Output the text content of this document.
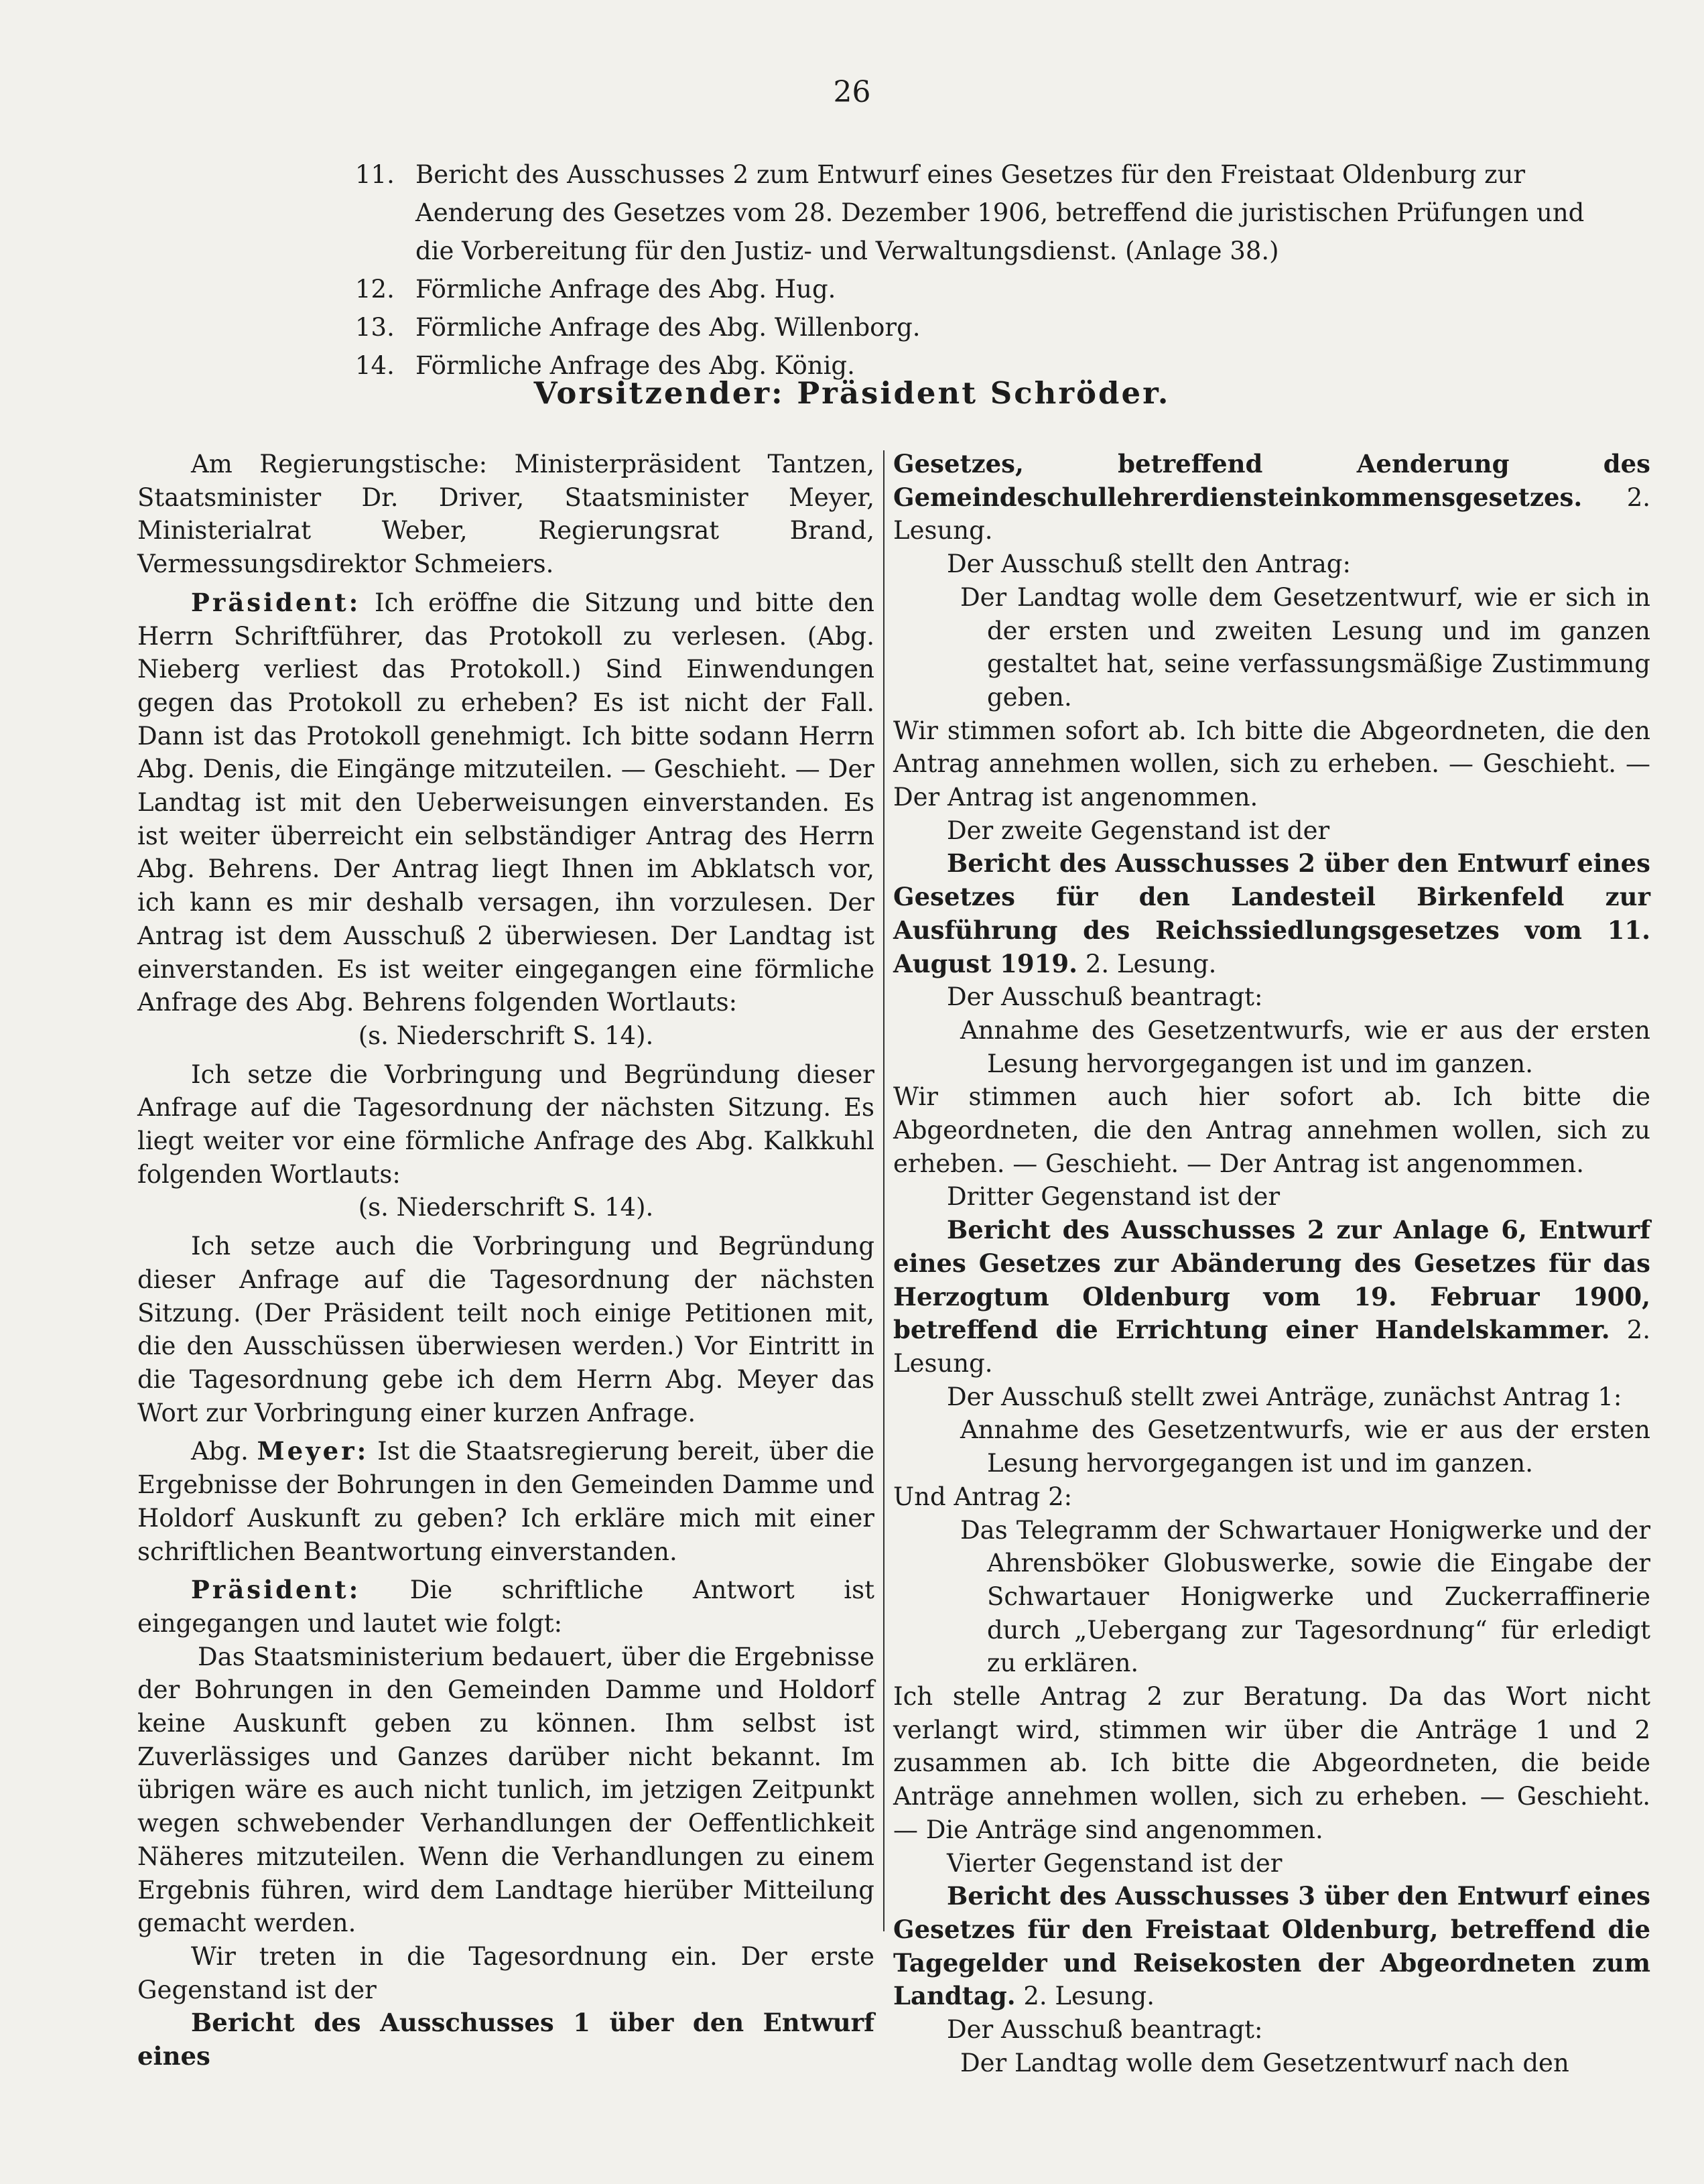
26
11. Bericht des Ausschusses 2 zum Entwurf eines Gesetzes für den Freistaat Oldenburg zur Aenderung des Gesetzes vom 28. Dezember 1906, betreffend die juristischen Prüfungen und die Vorbereitung für den Justiz- und Verwaltungsdienst. (Anlage 38.)
12. Förmliche Anfrage des Abg. Hug.
13. Förmliche Anfrage des Abg. Willenborg.
14. Förmliche Anfrage des Abg. König.
Vorsitzender: Präsident Schröder.

Am Regierungstische: Ministerpräsident Tantzen, Staatsminister Dr. Driver, Staatsminister Meyer, Ministerialrat Weber, Regierungsrat Brand, Vermessungsdirektor Schmeiers.

Präsident: Ich eröffne die Sitzung und bitte den Herrn Schriftführer, das Protokoll zu verlesen. (Abg. Nieberg verliest das Protokoll.) Sind Einwendungen gegen das Protokoll zu erheben? Es ist nicht der Fall. Dann ist das Protokoll genehmigt. Ich bitte sodann Herrn Abg. Denis, die Eingänge mitzuteilen. — Geschieht. — Der Landtag ist mit den Ueberweisungen einverstanden. Es ist weiter überreicht ein selbständiger Antrag des Herrn Abg. Behrens. Der Antrag liegt Ihnen im Abklatsch vor, ich kann es mir deshalb versagen, ihn vorzulesen. Der Antrag ist dem Ausschuß 2 überwiesen. Der Landtag ist einverstanden. Es ist weiter eingegangen eine förmliche Anfrage des Abg. Behrens folgenden Wortlauts:

(s. Niederschrift S. 14).

Ich setze die Vorbringung und Begründung dieser Anfrage auf die Tagesordnung der nächsten Sitzung. Es liegt weiter vor eine förmliche Anfrage des Abg. Kalkkuhl folgenden Wortlauts:

(s. Niederschrift S. 14).

Ich setze auch die Vorbringung und Begründung dieser Anfrage auf die Tagesordnung der nächsten Sitzung. (Der Präsident teilt noch einige Petitionen mit, die den Ausschüssen überwiesen werden.) Vor Eintritt in die Tagesordnung gebe ich dem Herrn Abg. Meyer das Wort zur Vorbringung einer kurzen Anfrage.

Abg. Meyer: Ist die Staatsregierung bereit, über die Ergebnisse der Bohrungen in den Gemeinden Damme und Holdorf Auskunft zu geben? Ich erkläre mich mit einer schriftlichen Beantwortung einverstanden.

Präsident: Die schriftliche Antwort ist eingegangen und lautet wie folgt:

Das Staatsministerium bedauert, über die Ergebnisse der Bohrungen in den Gemeinden Damme und Holdorf keine Auskunft geben zu können. Ihm selbst ist Zuverlässiges und Ganzes darüber nicht bekannt. Im übrigen wäre es auch nicht tunlich, im jetzigen Zeitpunkt wegen schwebender Verhandlungen der Oeffentlichkeit Näheres mitzuteilen. Wenn die Verhandlungen zu einem Ergebnis führen, wird dem Landtage hierüber Mitteilung gemacht werden.

Wir treten in die Tagesordnung ein. Der erste Gegenstand ist der

Bericht des Ausschusses 1 über den Entwurf eines

Gesetzes, betreffend Aenderung des Gemeindeschullehrerdiensteinkommensgesetzes. 2. Lesung.

Der Ausschuß stellt den Antrag:

Der Landtag wolle dem Gesetzentwurf, wie er sich in der ersten und zweiten Lesung und im ganzen gestaltet hat, seine verfassungsmäßige Zustimmung geben.

Wir stimmen sofort ab. Ich bitte die Abgeordneten, die den Antrag annehmen wollen, sich zu erheben. — Geschieht. — Der Antrag ist angenommen.

Der zweite Gegenstand ist der

Bericht des Ausschusses 2 über den Entwurf eines Gesetzes für den Landesteil Birkenfeld zur Ausführung des Reichssiedlungsgesetzes vom 11. August 1919. 2. Lesung.

Der Ausschuß beantragt:

Annahme des Gesetzentwurfs, wie er aus der ersten Lesung hervorgegangen ist und im ganzen.

Wir stimmen auch hier sofort ab. Ich bitte die Abgeordneten, die den Antrag annehmen wollen, sich zu erheben. — Geschieht. — Der Antrag ist angenommen.

Dritter Gegenstand ist der

Bericht des Ausschusses 2 zur Anlage 6, Entwurf eines Gesetzes zur Abänderung des Gesetzes für das Herzogtum Oldenburg vom 19. Februar 1900, betreffend die Errichtung einer Handelskammer. 2. Lesung.

Der Ausschuß stellt zwei Anträge, zunächst Antrag 1:

Annahme des Gesetzentwurfs, wie er aus der ersten Lesung hervorgegangen ist und im ganzen.

Und Antrag 2:

Das Telegramm der Schwartauer Honigwerke und der Ahrensböker Globuswerke, sowie die Eingabe der Schwartauer Honigwerke und Zuckerraffinerie durch „Uebergang zur Tagesordnung“ für erledigt zu erklären.

Ich stelle Antrag 2 zur Beratung. Da das Wort nicht verlangt wird, stimmen wir über die Anträge 1 und 2 zusammen ab. Ich bitte die Abgeordneten, die beide Anträge annehmen wollen, sich zu erheben. — Geschieht. — Die Anträge sind angenommen.

Vierter Gegenstand ist der

Bericht des Ausschusses 3 über den Entwurf eines Gesetzes für den Freistaat Oldenburg, betreffend die Tagegelder und Reisekosten der Abgeordneten zum Landtag. 2. Lesung.

Der Ausschuß beantragt:

Der Landtag wolle dem Gesetzentwurf nach den
